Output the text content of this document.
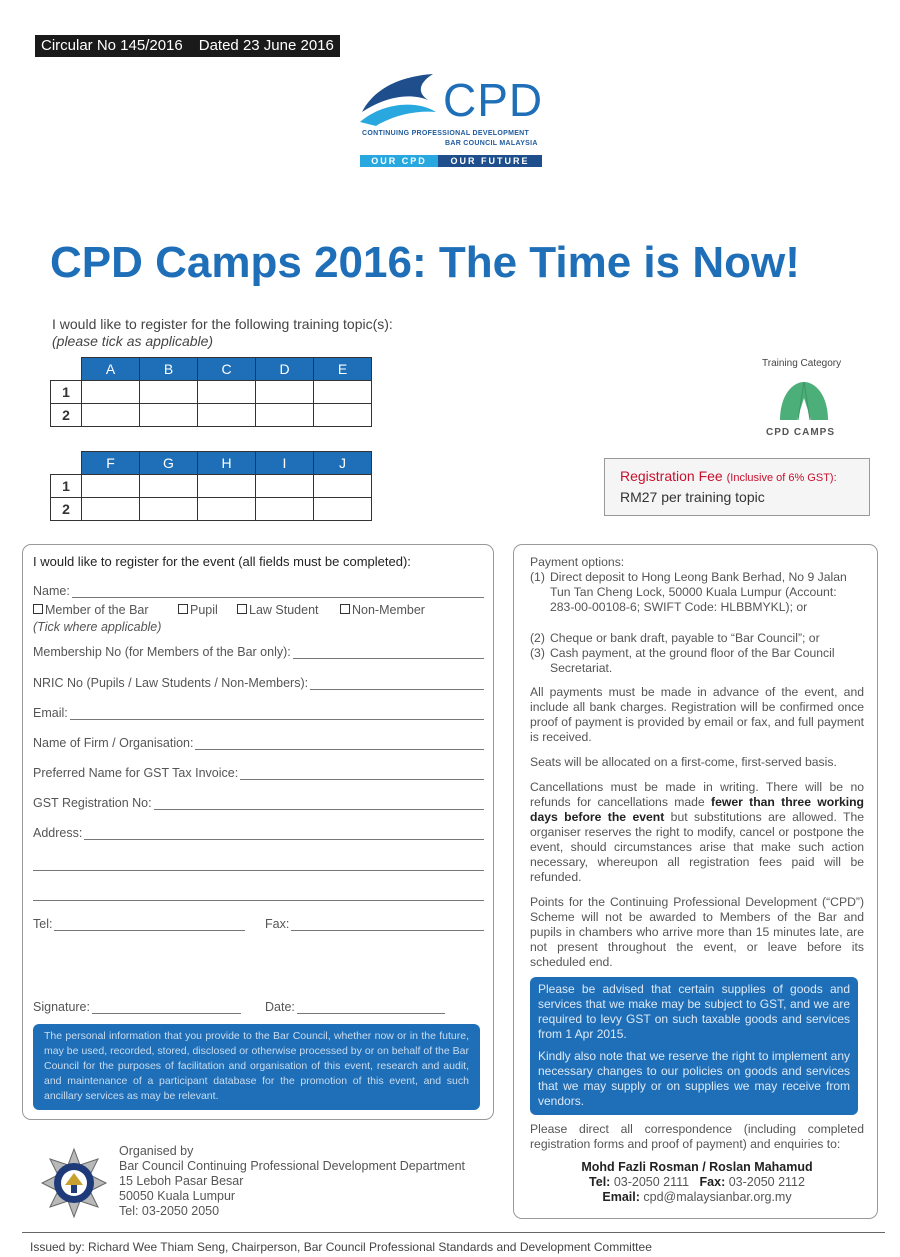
Circular No 145/2016 Dated 23 June 2016
CPD
CONTINUING PROFESSIONAL DEVELOPMENT
BAR COUNCIL MALAYSIA
OUR CPD	OUR FUTURE
CPD Camps 2016: The Time is Now!
I would like to register for the following training topic(s):
(please tick as applicable)
	A	B	C	D	E
1					
2					
	F	G	H	I	J
1					
2					
Training Category
CPD CAMPS
Registration Fee (Inclusive of 6% GST):
RM27 per training topic
I would like to register for the event (all fields must be completed):
Name:
Member of the Bar	Pupil	Law Student	Non-Member
(Tick where applicable)
Membership No (for Members of the Bar only):
NRIC No (Pupils / Law Students / Non-Members):
Email:
Name of Firm / Organisation:
Preferred Name for GST Tax Invoice:
GST Registration No:
Address:
Tel:	Fax:
Signature:	Date:
The personal information that you provide to the Bar Council, whether now or in the future, may be used, recorded, stored, disclosed or otherwise processed by or on behalf of the Bar Council for the purposes of facilitation and organisation of this event, research and audit, and maintenance of a participant database for the promotion of this event, and such ancillary services as may be relevant.
Payment options:
(1) Direct deposit to Hong Leong Bank Berhad, No 9 Jalan Tun Tan Cheng Lock, 50000 Kuala Lumpur (Account: 283-00-00108-6; SWIFT Code: HLBBMYKL); or
(2) Cheque or bank draft, payable to “Bar Council”; or
(3) Cash payment, at the ground floor of the Bar Council Secretariat.
All payments must be made in advance of the event, and include all bank charges. Registration will be confirmed once proof of payment is provided by email or fax, and full payment is received.
Seats will be allocated on a first-come, first-served basis.
Cancellations must be made in writing. There will be no refunds for cancellations made fewer than three working days before the event but substitutions are allowed. The organiser reserves the right to modify, cancel or postpone the event, should circumstances arise that make such action necessary, whereupon all registration fees paid will be refunded.
Points for the Continuing Professional Development (“CPD”) Scheme will not be awarded to Members of the Bar and pupils in chambers who arrive more than 15 minutes late, are not present throughout the event, or leave before its scheduled end.

Please be advised that certain supplies of goods and services that we make may be subject to GST, and we are required to levy GST on such taxable goods and services from 1 Apr 2015.

Kindly also note that we reserve the right to implement any necessary changes to our policies on goods and services that we may supply or on supplies we may receive from vendors.

Please direct all correspondence (including completed registration forms and proof of payment) and enquiries to:
Mohd Fazli Rosman / Roslan Mahamud
Tel: 03-2050 2111 Fax: 03-2050 2112
Email: cpd@malaysianbar.org.my
Organised by
Bar Council Continuing Professional Development Department
15 Leboh Pasar Besar
50050 Kuala Lumpur
Tel: 03-2050 2050
Issued by: Richard Wee Thiam Seng, Chairperson, Bar Council Professional Standards and Development Committee
